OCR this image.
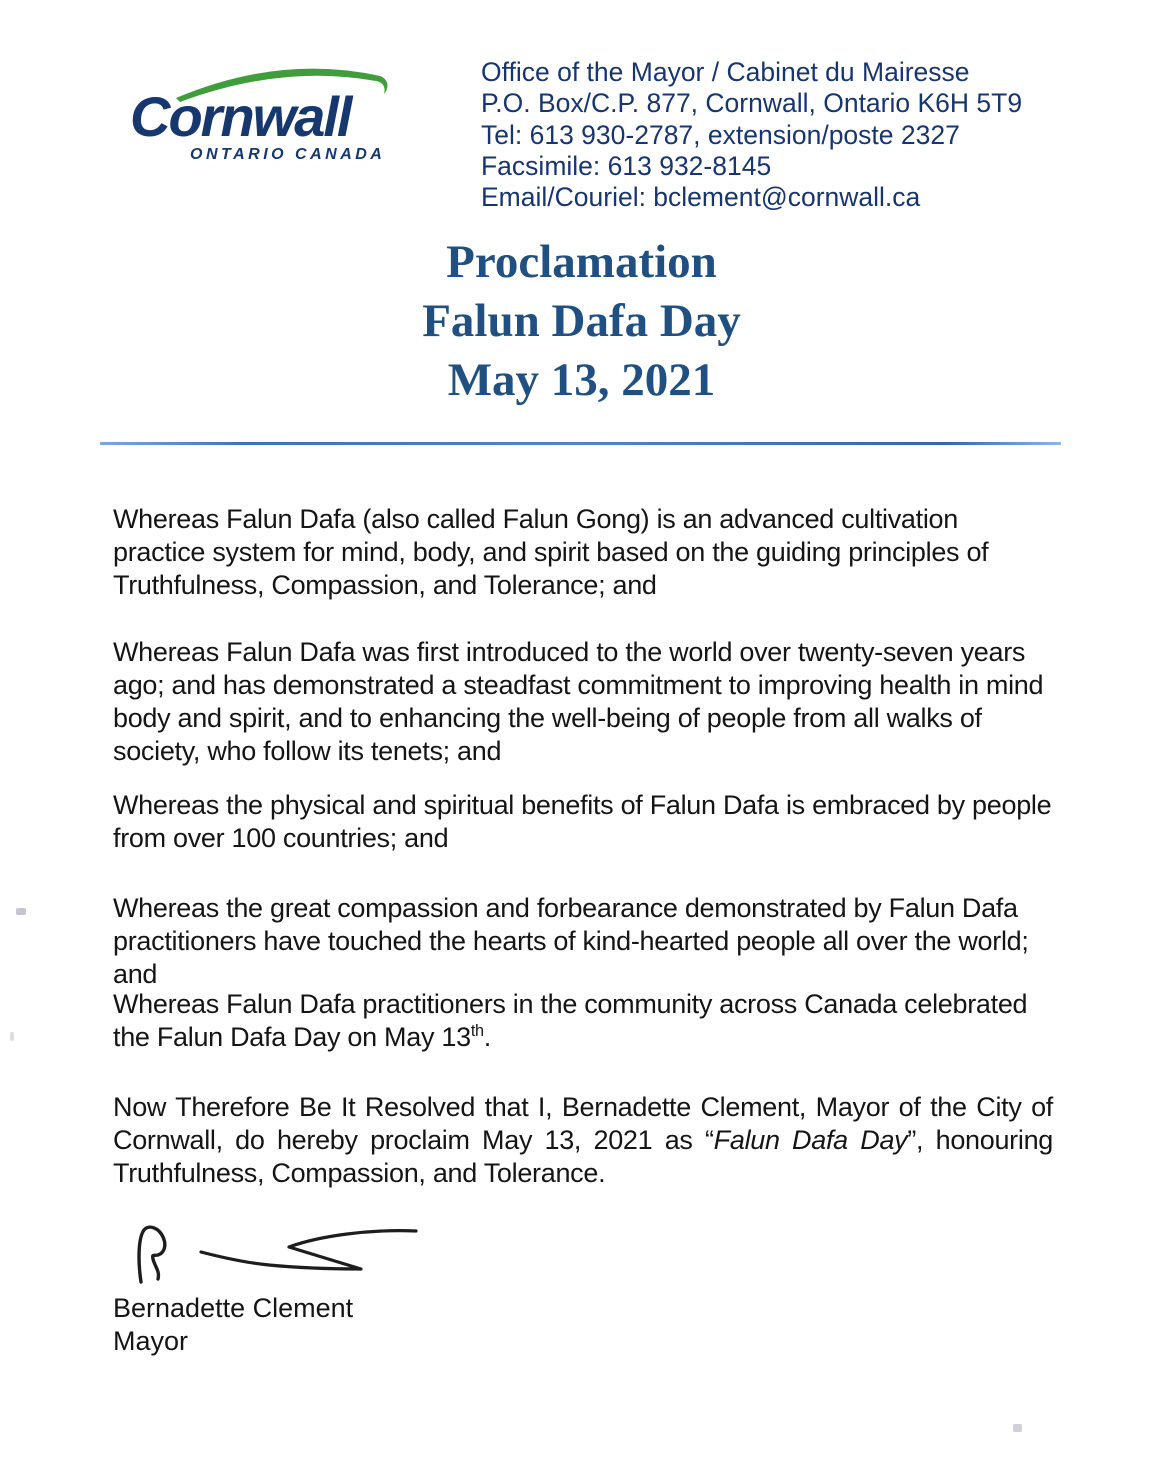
Cornwall
ONTARIO CANADA
Office of the Mayor / Cabinet du Mairesse
P.O. Box/C.P. 877, Cornwall, Ontario K6H 5T9
Tel: 613 930-2787, extension/poste 2327
Facsimile: 613 932-8145
Email/Couriel: bclement@cornwall.ca
Proclamation
Falun Dafa Day
May 13, 2021

Whereas Falun Dafa (also called Falun Gong) is an advanced cultivation practice system for mind, body, and spirit based on the guiding principles of Truthfulness, Compassion, and Tolerance; and

Whereas Falun Dafa was first introduced to the world over twenty-seven years ago; and has demonstrated a steadfast commitment to improving health in mind body and spirit, and to enhancing the well-being of people from all walks of society, who follow its tenets; and

Whereas the physical and spiritual benefits of Falun Dafa is embraced by people from over 100 countries; and

Whereas the great compassion and forbearance demonstrated by Falun Dafa practitioners have touched the hearts of kind-hearted people all over the world; and

Whereas Falun Dafa practitioners in the community across Canada celebrated the Falun Dafa Day on May 13th.

Now Therefore Be It Resolved that I, Bernadette Clement, Mayor of the City of Cornwall, do hereby proclaim May 13, 2021 as “Falun Dafa Day”, honouring Truthfulness, Compassion, and Tolerance.

Bernadette Clement
Mayor
